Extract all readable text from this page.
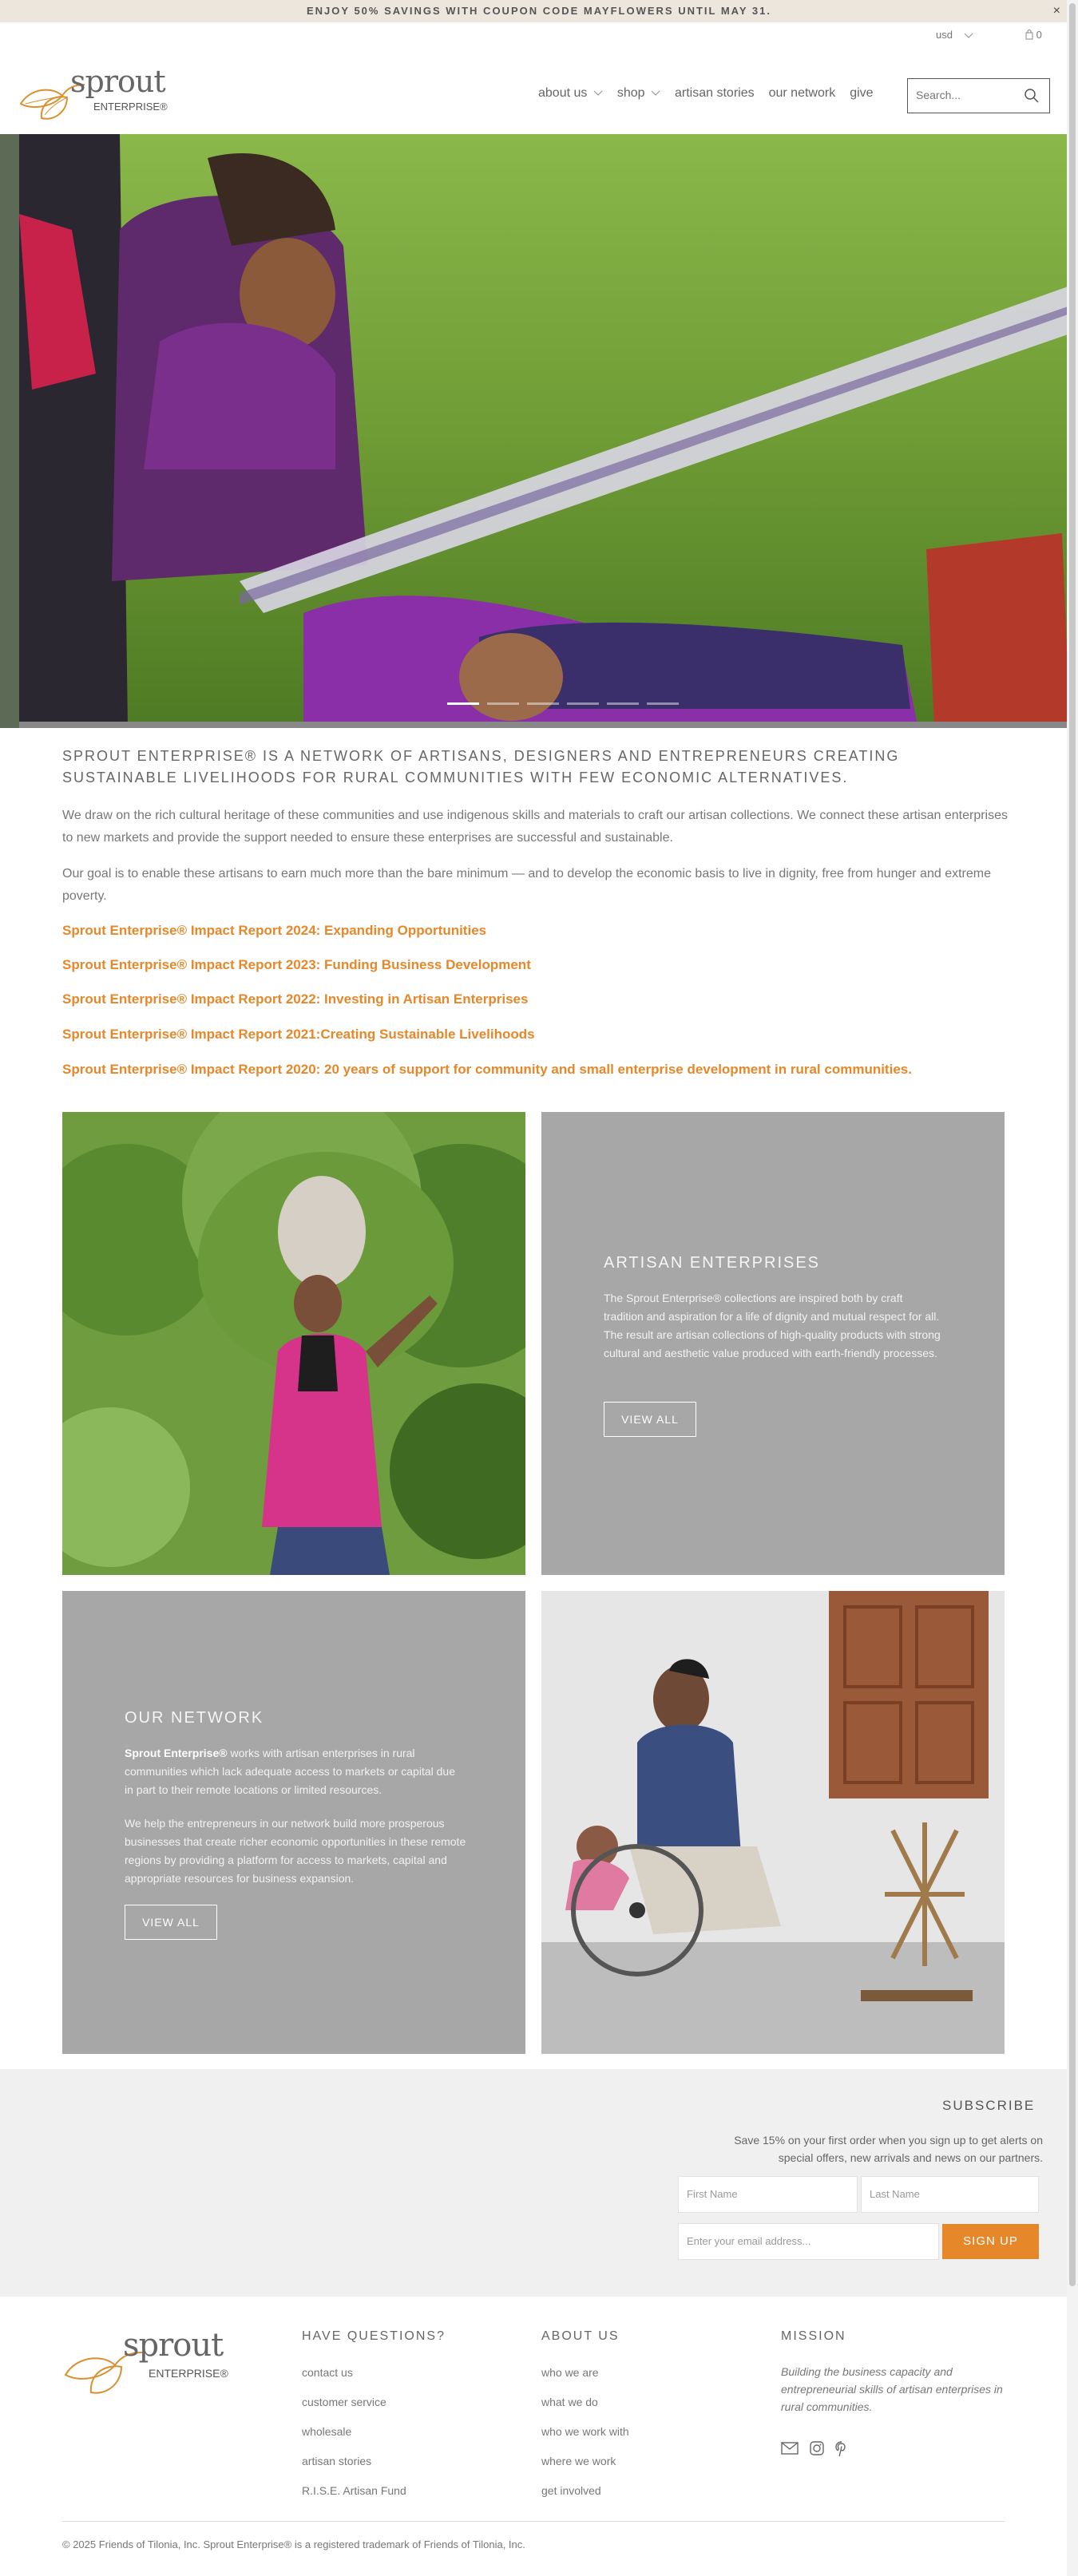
ENJOY 50% SAVINGS WITH COUPON CODE MAYFLOWERS UNTIL MAY 31.	×
usd	0
sprout
ENTERPRISE®
about us	shop	artisan stories our network give
Search...
SPROUT ENTERPRISE® IS A NETWORK OF ARTISANS, DESIGNERS AND ENTREPRENEURS CREATING SUSTAINABLE LIVELIHOODS FOR RURAL COMMUNITIES WITH FEW ECONOMIC ALTERNATIVES.
We draw on the rich cultural heritage of these communities and use indigenous skills and materials to craft our artisan collections. We connect these artisan enterprises to new markets and provide the support needed to ensure these enterprises are successful and sustainable.
Our goal is to enable these artisans to earn much more than the bare minimum — and to develop the economic basis to live in dignity, free from hunger and extreme poverty.
Sprout Enterprise® Impact Report 2024: Expanding Opportunities
Sprout Enterprise® Impact Report 2023: Funding Business Development
Sprout Enterprise® Impact Report 2022: Investing in Artisan Enterprises
Sprout Enterprise® Impact Report 2021:Creating Sustainable Livelihoods
Sprout Enterprise® Impact Report 2020: 20 years of support for community and small enterprise development in rural communities.
ARTISAN ENTERPRISES
The Sprout Enterprise® collections are inspired both by craft tradition and aspiration for a life of dignity and mutual respect for all. The result are artisan collections of high-quality products with strong cultural and aesthetic value produced with earth-friendly processes.
VIEW ALL
OUR NETWORK
Sprout Enterprise® works with artisan enterprises in rural communities which lack adequate access to markets or capital due in part to their remote locations or limited resources.
We help the entrepreneurs in our network build more prosperous businesses that create richer economic opportunities in these remote regions by providing a platform for access to markets, capital and appropriate resources for business expansion.
VIEW ALL
SUBSCRIBE
Save 15% on your first order when you sign up to get alerts on special offers, new arrivals and news on our partners.
First Name	Last Name
Enter your email address...	SIGN UP
sprout
ENTERPRISE®
HAVE QUESTIONS?
contact us
customer service
wholesale
artisan stories
R.I.S.E. Artisan Fund
ABOUT US
who we are
what we do
who we work with
where we work
get involved
MISSION
Building the business capacity and entrepreneurial skills of artisan enterprises in rural communities.
© 2025 Friends of Tilonia, Inc. Sprout Enterprise® is a registered trademark of Friends of Tilonia, Inc.
